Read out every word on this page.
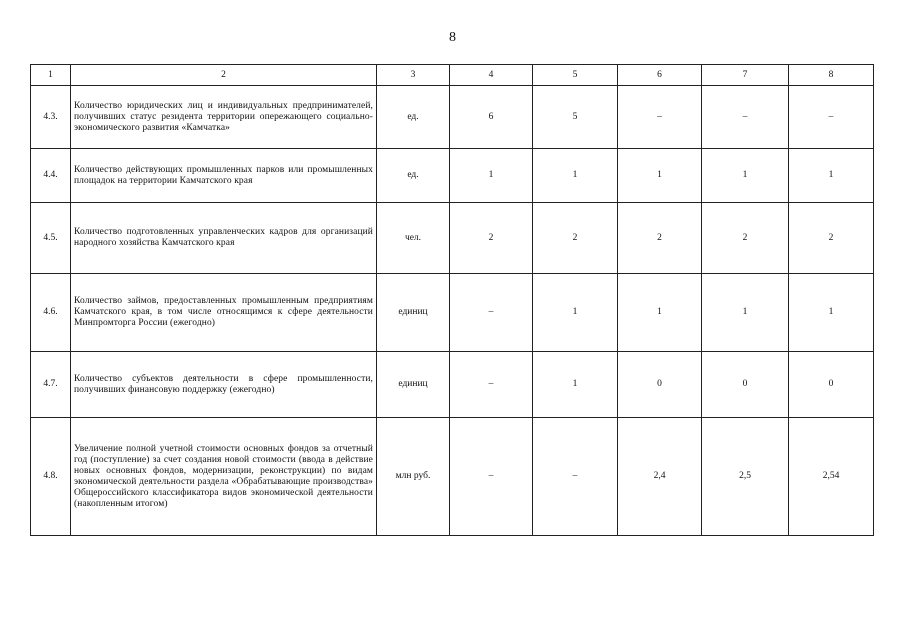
8
1	2	3	4	5	6	7	8
4.3.	Количество юридических лиц и индивидуальных предпринимателей, получивших статус резидента территории опережающего социально-экономического развития «Камчатка»	ед.	6	5	–	–	–
4.4.	Количество действующих промышленных парков или промышленных площадок на территории Камчатского края	ед.	1	1	1	1	1
4.5.	Количество подготовленных управленческих кадров для организаций народного хозяйства Камчатского края	чел.	2	2	2	2	2
4.6.	Количество займов, предоставленных промышленным предприятиям Камчатского края, в том числе относящимся к сфере деятельности Минпромторга России (ежегодно)	единиц	–	1	1	1	1
4.7.	Количество субъектов деятельности в сфере промышленности, получивших финансовую поддержку (ежегодно)	единиц	–	1	0	0	0
4.8.	Увеличение полной учетной стоимости основных фондов за отчетный год (поступление) за счет создания новой стоимости (ввода в действие новых основных фондов, модернизации, реконструкции) по видам экономической деятельности раздела «Обрабатывающие производства» Общероссийского классификатора видов экономической деятельности (накопленным итогом)	млн руб.	–	–	2,4	2,5	2,54
